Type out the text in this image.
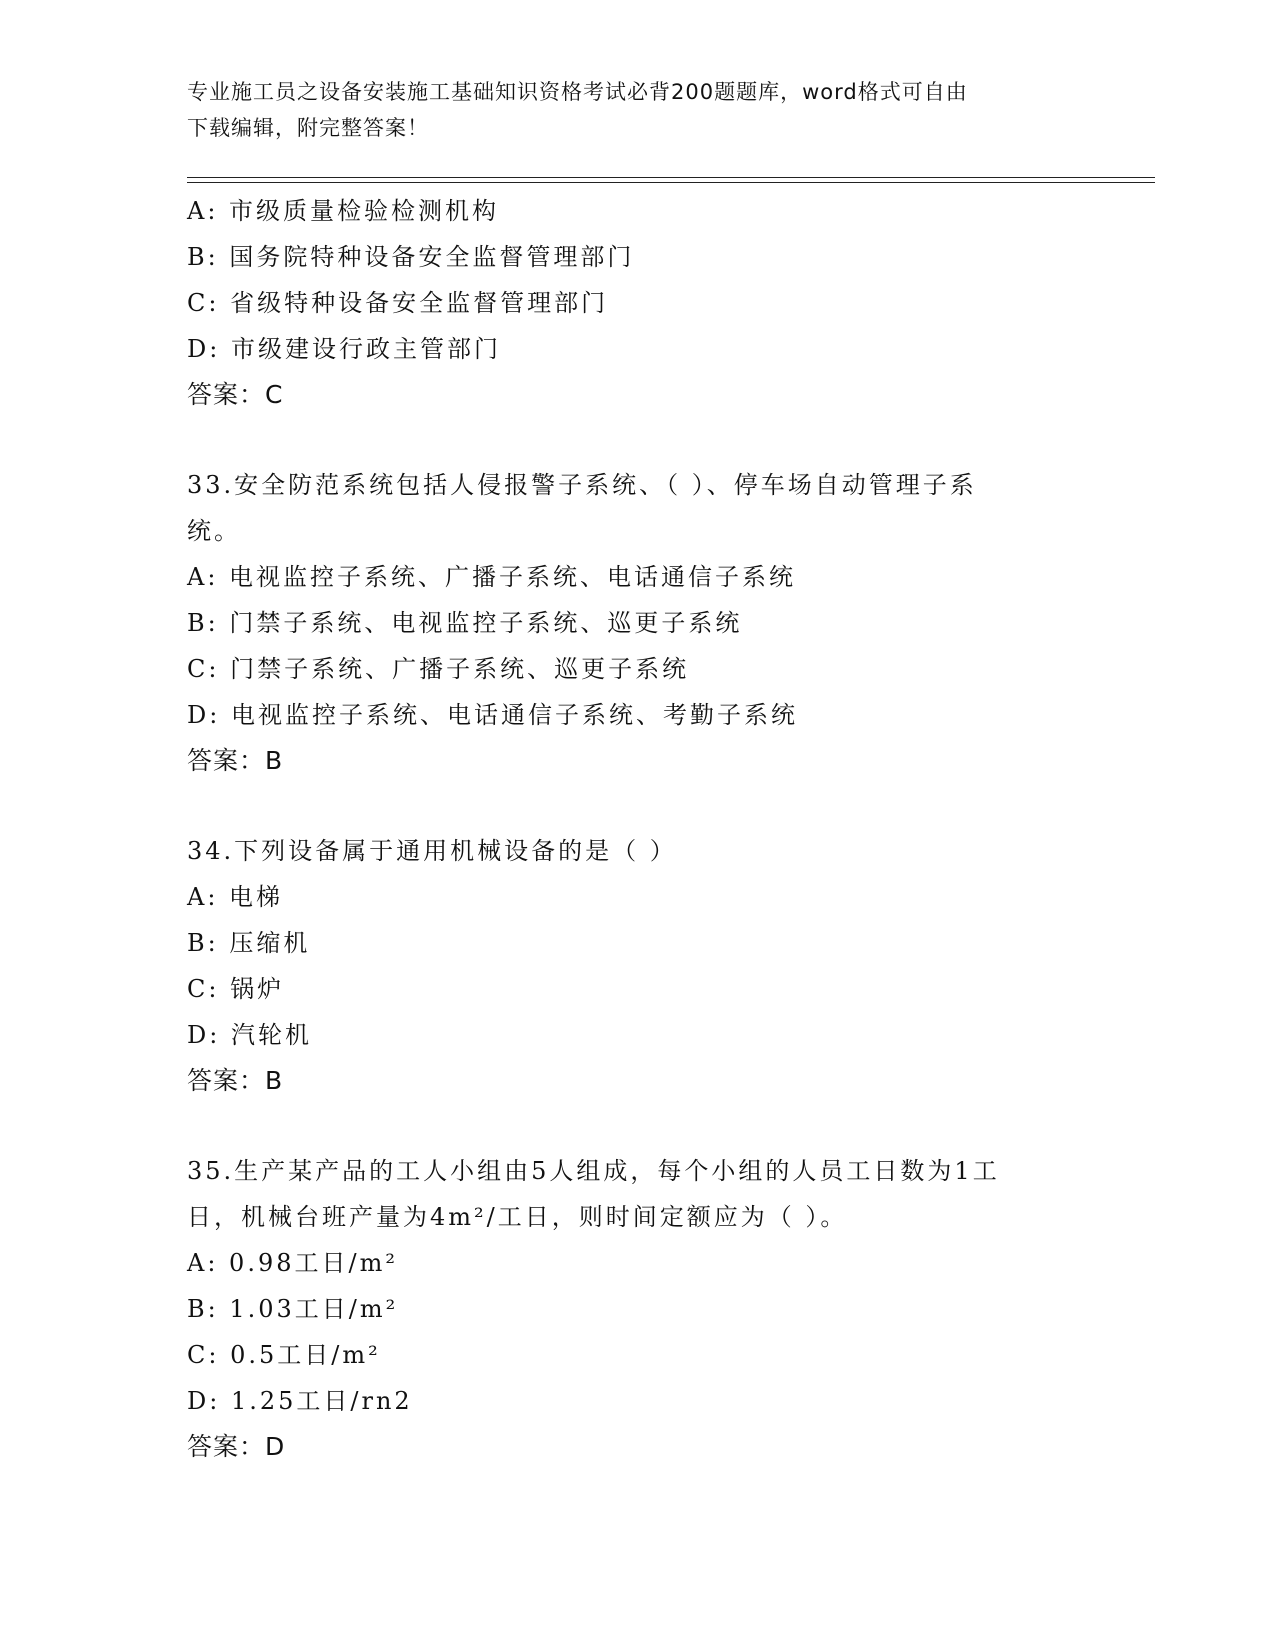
专业施工员之设备安装施工基础知识资格考试必背200题题库，word格式可自由
下载编辑，附完整答案！
A: 市级质量检验检测机构
B: 国务院特种设备安全监督管理部门
C: 省级特种设备安全监督管理部门
D: 市级建设行政主管部门
答案：C
33.安全防范系统包括人侵报警子系统、（ ）、停车场自动管理子系
统。
A: 电视监控子系统、广播子系统、电话通信子系统
B: 门禁子系统、电视监控子系统、巡更子系统
C: 门禁子系统、广播子系统、巡更子系统
D: 电视监控子系统、电话通信子系统、考勤子系统
答案：B
34.下列设备属于通用机械设备的是（ ）
A: 电梯
B: 压缩机
C: 锅炉
D: 汽轮机
答案：B
35.生产某产品的工人小组由5人组成，每个小组的人员工日数为1工
日，机械台班产量为4m²/工日，则时间定额应为（ ）。
A: 0.98工日/m²
B: 1.03工日/m²
C: 0.5工日/m²
D: 1.25工日/rn2
答案：D
